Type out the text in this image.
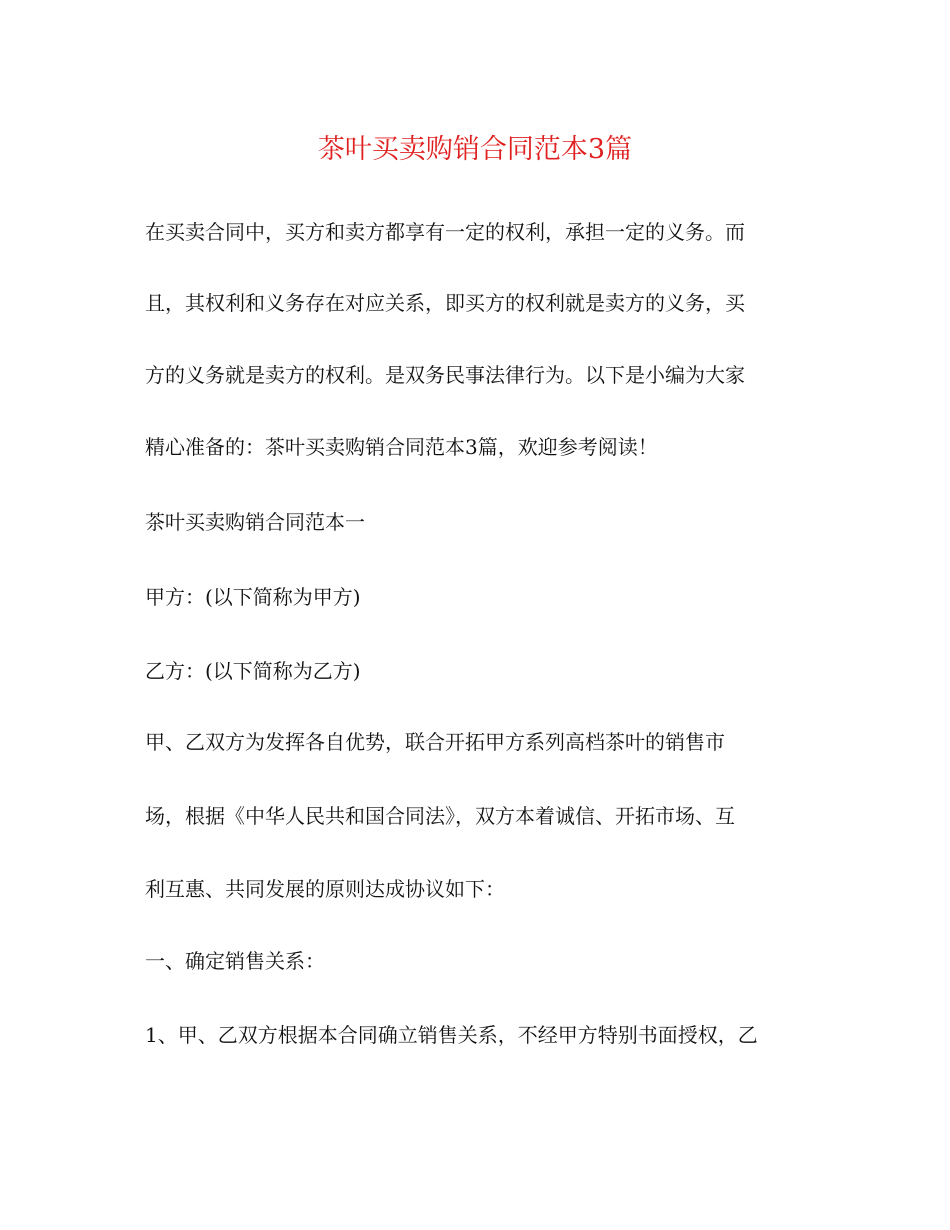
茶叶买卖购销合同范本3篇
在买卖合同中，买方和卖方都享有一定的权利，承担一定的义务。而
且，其权利和义务存在对应关系，即买方的权利就是卖方的义务，买
方的义务就是卖方的权利。是双务民事法律行为。以下是小编为大家
精心准备的：茶叶买卖购销合同范本3篇，欢迎参考阅读！
茶叶买卖购销合同范本一
甲方：(以下简称为甲方)
乙方：(以下简称为乙方)
甲、乙双方为发挥各自优势，联合开拓甲方系列高档茶叶的销售市
场，根据《中华人民共和国合同法》，双方本着诚信、开拓市场、互
利互惠、共同发展的原则达成协议如下：
一、确定销售关系：
1、甲、乙双方根据本合同确立销售关系，不经甲方特别书面授权，乙
